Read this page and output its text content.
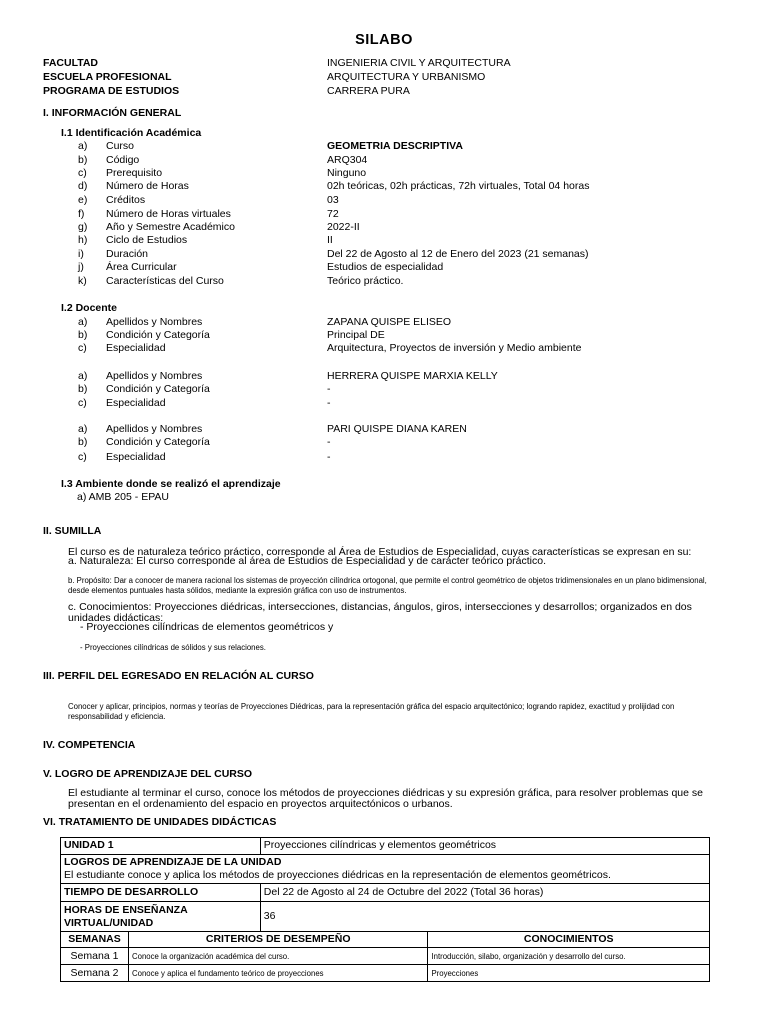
SILABO
FACULTAD	INGENIERIA CIVIL Y ARQUITECTURA
ESCUELA PROFESIONAL	ARQUITECTURA Y URBANISMO
PROGRAMA DE ESTUDIOS	CARRERA PURA
I. INFORMACIÓN GENERAL
I.1 Identificación Académica
a) Curso	GEOMETRIA DESCRIPTIVA
b) Código	ARQ304
c) Prerequisito	Ninguno
d) Número de Horas	02h teóricas, 02h prácticas, 72h virtuales, Total 04 horas
e) Créditos	03
f) Número de Horas virtuales	72
g) Año y Semestre Académico	2022-II
h) Ciclo de Estudios	II
i) Duración	Del 22 de Agosto al 12 de Enero del 2023 (21 semanas)
j) Área Curricular	Estudios de especialidad
k) Características del Curso	Teórico práctico.
I.2 Docente
a) Apellidos y Nombres	ZAPANA QUISPE ELISEO
b) Condición y Categoría	Principal DE
c) Especialidad	Arquitectura, Proyectos de inversión y Medio ambiente
a) Apellidos y Nombres	HERRERA QUISPE MARXIA KELLY
b) Condición y Categoría	-
c) Especialidad	-
a) Apellidos y Nombres	PARI QUISPE DIANA KAREN
b) Condición y Categoría	-
c) Especialidad	-
I.3 Ambiente donde se realizó el aprendizaje
a) AMB 205 - EPAU
II. SUMILLA
El curso es de naturaleza teórico práctico, corresponde al Área de Estudios de Especialidad, cuyas características se expresan en su:
a. Naturaleza: El curso corresponde al área de Estudios de Especialidad y de carácter teórico práctico.
b. Propósito: Dar a conocer de manera racional los sistemas de proyección cilíndrica ortogonal, que permite el control geométrico de objetos tridimensionales en un plano bidimensional, desde elementos puntuales hasta sólidos, mediante la expresión gráfica con uso de instrumentos.
c. Conocimientos: Proyecciones diédricas, intersecciones, distancias, ángulos, giros, intersecciones y desarrollos; organizados en dos unidades didácticas:
- Proyecciones cilíndricas de elementos geométricos y
- Proyecciones cilíndricas de sólidos y sus relaciones.
III. PERFIL DEL EGRESADO EN RELACIÓN AL CURSO
Conocer y aplicar, principios, normas y teorías de Proyecciones Diédricas, para la representación gráfica del espacio arquitectónico; logrando rapidez, exactitud y prolijidad con responsabilidad y eficiencia.
IV. COMPETENCIA
V. LOGRO DE APRENDIZAJE DEL CURSO
El estudiante al terminar el curso, conoce los métodos de proyecciones diédricas y su expresión gráfica, para resolver problemas que se presentan en el ordenamiento del espacio en proyectos arquitectónicos o urbanos.
VI. TRATAMIENTO DE UNIDADES DIDÁCTICAS
UNIDAD 1		Proyecciones cilíndricas y elementos geométricos	

LOGROS DE APRENDIZAJE DE LA UNIDAD
El estudiante conoce y aplica los métodos de proyecciones diédricas en la representación de elementos geométricos.			

TIEMPO DE DESARROLLO		Del 22 de Agosto al 24 de Octubre del 2022 (Total 36 horas)	
HORAS DE ENSEÑANZA VIRTUAL/UNIDAD		36	
SEMANAS	CRITERIOS DE DESEMPEÑO		CONOCIMIENTOS
Semana 1	Conoce la organización académica del curso.		Introducción, silabo, organización y desarrollo del curso.
Semana 2	Conoce y aplica el fundamento teórico de proyecciones		Proyecciones
